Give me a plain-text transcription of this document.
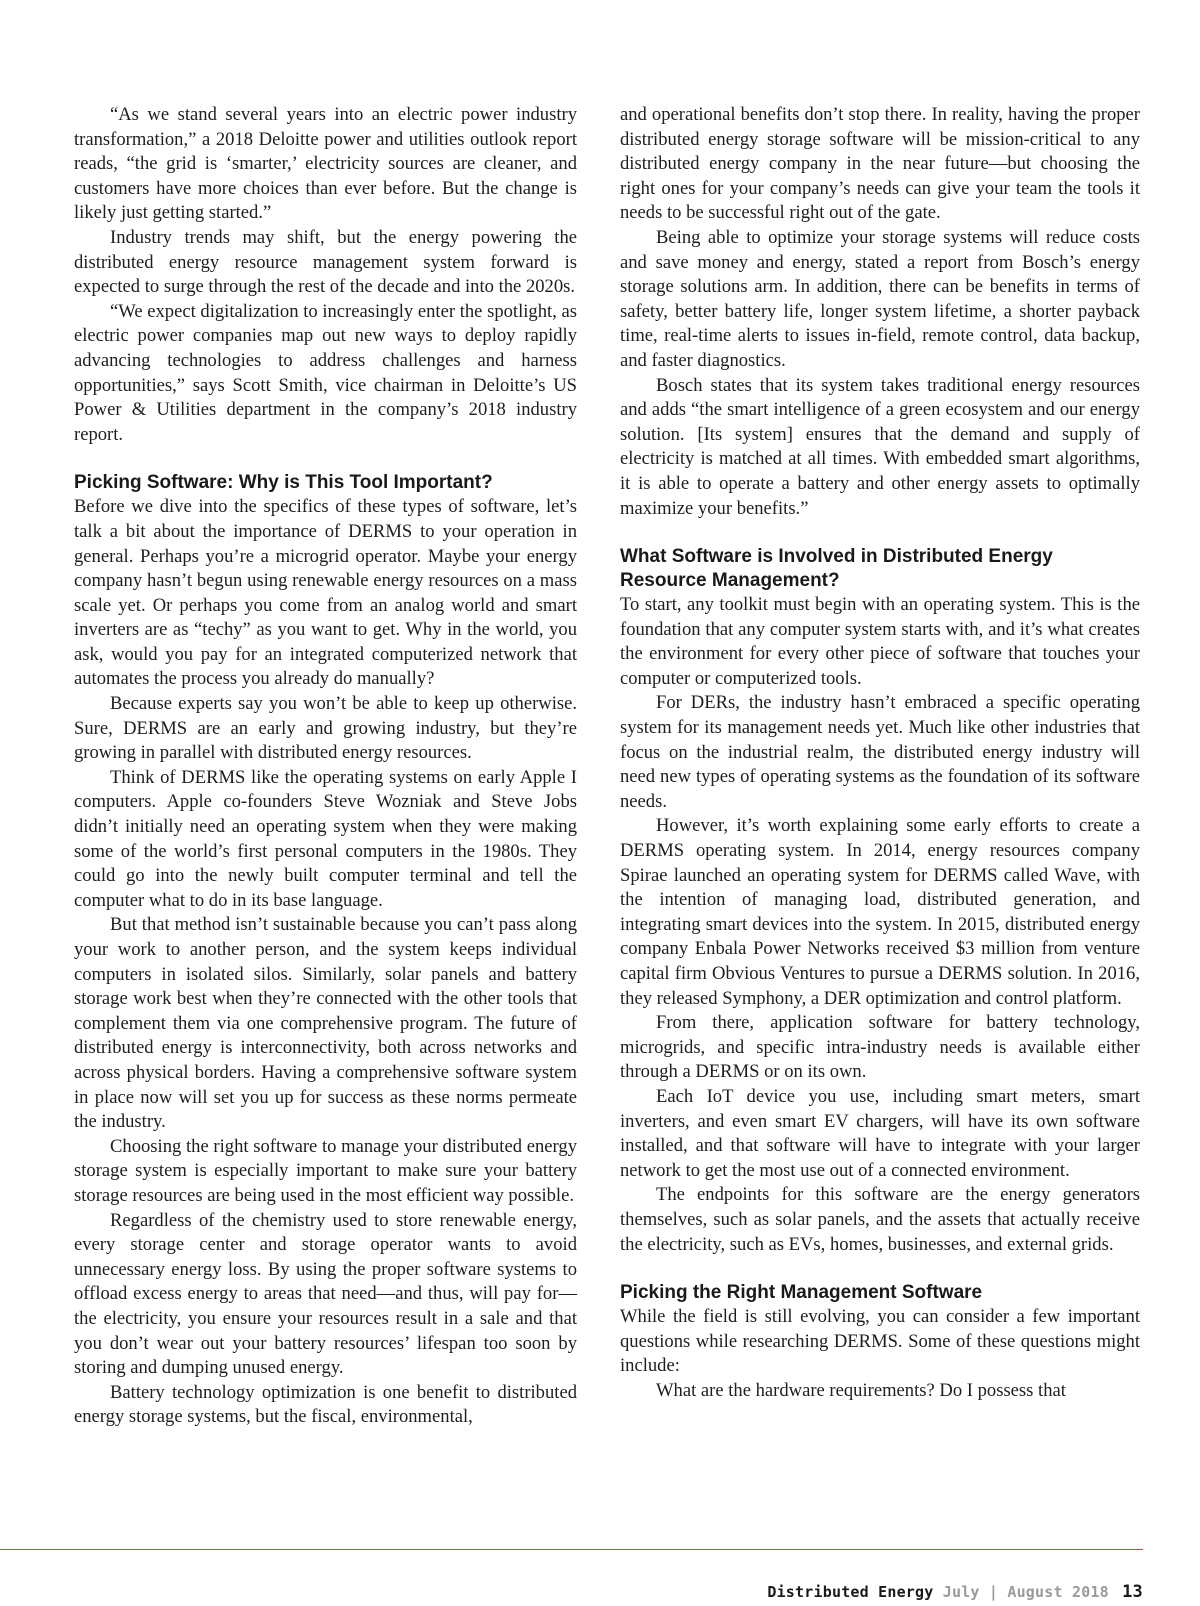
“As we stand several years into an electric power industry transformation,” a 2018 Deloitte power and utilities outlook report reads, “the grid is ‘smarter,’ electricity sources are cleaner, and customers have more choices than ever before. But the change is likely just getting started.”

Industry trends may shift, but the energy powering the distributed energy resource management system forward is expected to surge through the rest of the decade and into the 2020s.

“We expect digitalization to increasingly enter the spotlight, as electric power companies map out new ways to deploy rapidly advancing technologies to address challenges and harness opportunities,” says Scott Smith, vice chairman in Deloitte’s US Power & Utilities department in the company’s 2018 industry report.

Picking Software: Why is This Tool Important?

Before we dive into the specifics of these types of software, let’s talk a bit about the importance of DERMS to your operation in general. Perhaps you’re a microgrid operator. Maybe your energy company hasn’t begun using renewable energy resources on a mass scale yet. Or perhaps you come from an analog world and smart inverters are as “techy” as you want to get. Why in the world, you ask, would you pay for an integrated computerized network that automates the process you already do manually?

Because experts say you won’t be able to keep up otherwise. Sure, DERMS are an early and growing industry, but they’re growing in parallel with distributed energy resources.

Think of DERMS like the operating systems on early Apple I computers. Apple co-founders Steve Wozniak and Steve Jobs didn’t initially need an operating system when they were making some of the world’s first personal computers in the 1980s. They could go into the newly built computer terminal and tell the computer what to do in its base language.

But that method isn’t sustainable because you can’t pass along your work to another person, and the system keeps individual computers in isolated silos. Similarly, solar panels and battery storage work best when they’re connected with the other tools that complement them via one comprehensive program. The future of distributed energy is interconnectivity, both across networks and across physical borders. Having a comprehensive software system in place now will set you up for success as these norms permeate the industry.

Choosing the right software to manage your distributed energy storage system is especially important to make sure your battery storage resources are being used in the most efficient way possible.

Regardless of the chemistry used to store renewable energy, every storage center and storage operator wants to avoid unnecessary energy loss. By using the proper software systems to offload excess energy to areas that need—and thus, will pay for—the electricity, you ensure your resources result in a sale and that you don’t wear out your battery resources’ lifespan too soon by storing and dumping unused energy.

Battery technology optimization is one benefit to distributed energy storage systems, but the fiscal, environmental,

and operational benefits don’t stop there. In reality, having the proper distributed energy storage software will be mission-critical to any distributed energy company in the near future—but choosing the right ones for your company’s needs can give your team the tools it needs to be successful right out of the gate.

Being able to optimize your storage systems will reduce costs and save money and energy, stated a report from Bosch’s energy storage solutions arm. In addition, there can be benefits in terms of safety, better battery life, longer system lifetime, a shorter payback time, real-time alerts to issues in-field, remote control, data backup, and faster diagnostics.

Bosch states that its system takes traditional energy resources and adds “the smart intelligence of a green ecosystem and our energy solution. [Its system] ensures that the demand and supply of electricity is matched at all times. With embedded smart algorithms, it is able to operate a battery and other energy assets to optimally maximize your benefits.”

What Software is Involved in Distributed Energy Resource Management?

To start, any toolkit must begin with an operating system. This is the foundation that any computer system starts with, and it’s what creates the environment for every other piece of software that touches your computer or computerized tools.

For DERs, the industry hasn’t embraced a specific operating system for its management needs yet. Much like other industries that focus on the industrial realm, the distributed energy industry will need new types of operating systems as the foundation of its software needs.

However, it’s worth explaining some early efforts to create a DERMS operating system. In 2014, energy resources company Spirae launched an operating system for DERMS called Wave, with the intention of managing load, distributed generation, and integrating smart devices into the system. In 2015, distributed energy company Enbala Power Networks received $3 million from venture capital firm Obvious Ventures to pursue a DERMS solution. In 2016, they released Symphony, a DER optimization and control platform.

From there, application software for battery technology, microgrids, and specific intra-industry needs is available either through a DERMS or on its own.

Each IoT device you use, including smart meters, smart inverters, and even smart EV chargers, will have its own software installed, and that software will have to integrate with your larger network to get the most use out of a connected environment.

The endpoints for this software are the energy generators themselves, such as solar panels, and the assets that actually receive the electricity, such as EVs, homes, businesses, and external grids.

Picking the Right Management Software

While the field is still evolving, you can consider a few important questions while researching DERMS. Some of these questions might include:

What are the hardware requirements? Do I possess that

Distributed Energy July | August 2018 13
